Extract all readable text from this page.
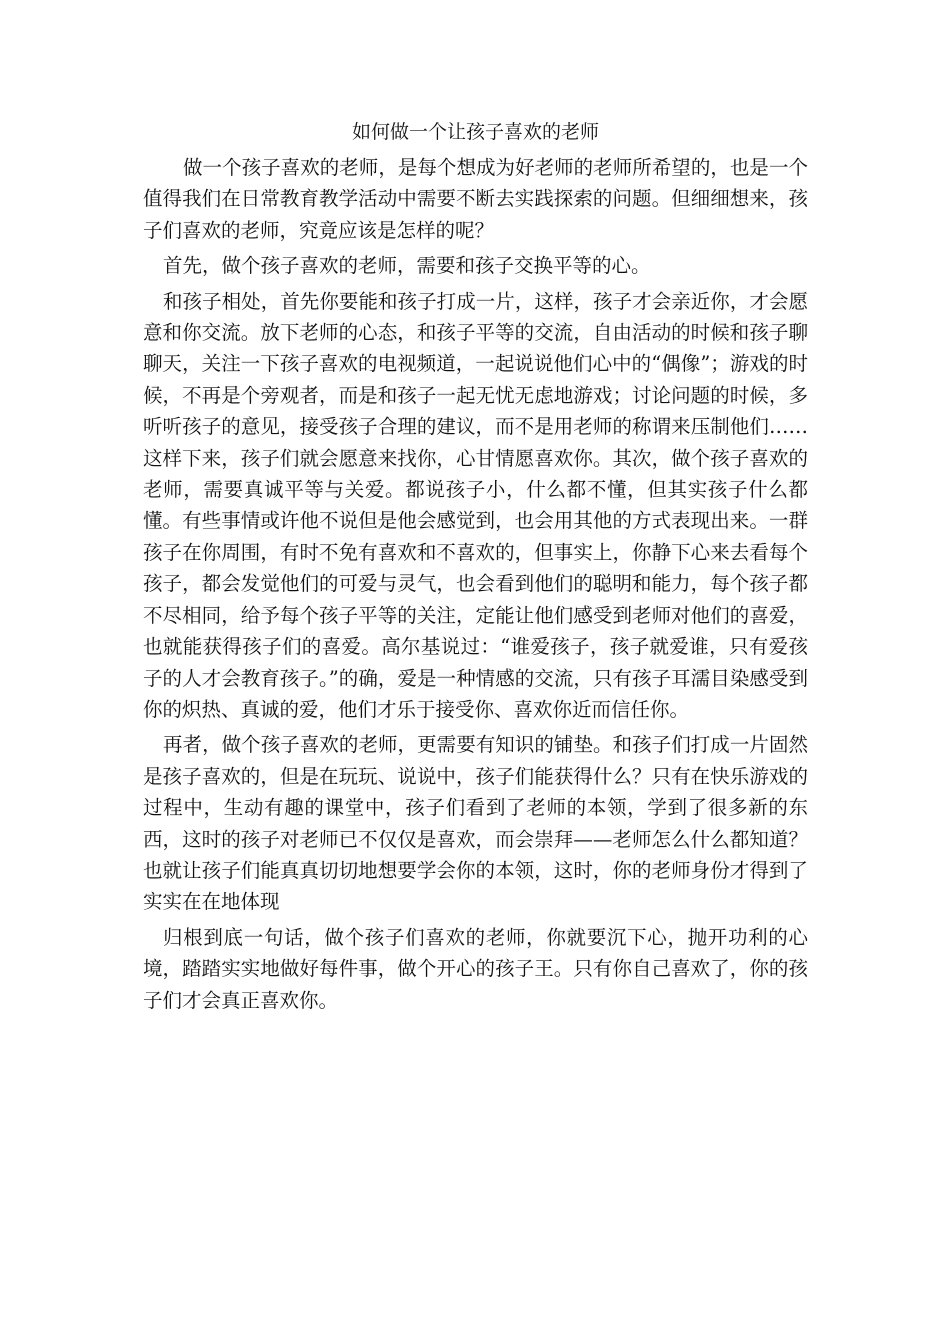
如何做一个让孩子喜欢的老师

做一个孩子喜欢的老师，是每个想成为好老师的老师所希望的，也是一个值得我们在日常教育教学活动中需要不断去实践探索的问题。但细细想来，孩子们喜欢的老师，究竟应该是怎样的呢？

首先，做个孩子喜欢的老师，需要和孩子交换平等的心。

和孩子相处，首先你要能和孩子打成一片，这样，孩子才会亲近你，才会愿意和你交流。放下老师的心态，和孩子平等的交流，自由活动的时候和孩子聊聊天，关注一下孩子喜欢的电视频道，一起说说他们心中的“偶像”；游戏的时候，不再是个旁观者，而是和孩子一起无忧无虑地游戏；讨论问题的时候，多听听孩子的意见，接受孩子合理的建议，而不是用老师的称谓来压制他们……这样下来，孩子们就会愿意来找你，心甘情愿喜欢你。其次，做个孩子喜欢的老师，需要真诚平等与关爱。都说孩子小，什么都不懂，但其实孩子什么都懂。有些事情或许他不说但是他会感觉到，也会用其他的方式表现出来。一群孩子在你周围，有时不免有喜欢和不喜欢的，但事实上，你静下心来去看每个孩子，都会发觉他们的可爱与灵气，也会看到他们的聪明和能力，每个孩子都不尽相同，给予每个孩子平等的关注，定能让他们感受到老师对他们的喜爱，也就能获得孩子们的喜爱。高尔基说过：“谁爱孩子，孩子就爱谁，只有爱孩子的人才会教育孩子。”的确，爱是一种情感的交流，只有孩子耳濡目染感受到你的炽热、真诚的爱，他们才乐于接受你、喜欢你近而信任你。

再者，做个孩子喜欢的老师，更需要有知识的铺垫。和孩子们打成一片固然是孩子喜欢的，但是在玩玩、说说中，孩子们能获得什么？只有在快乐游戏的过程中，生动有趣的课堂中，孩子们看到了老师的本领，学到了很多新的东西，这时的孩子对老师已不仅仅是喜欢，而会崇拜——老师怎么什么都知道？也就让孩子们能真真切切地想要学会你的本领，这时，你的老师身份才得到了实实在在地体现

归根到底一句话，做个孩子们喜欢的老师，你就要沉下心，抛开功利的心境，踏踏实实地做好每件事，做个开心的孩子王。只有你自己喜欢了，你的孩子们才会真正喜欢你。
